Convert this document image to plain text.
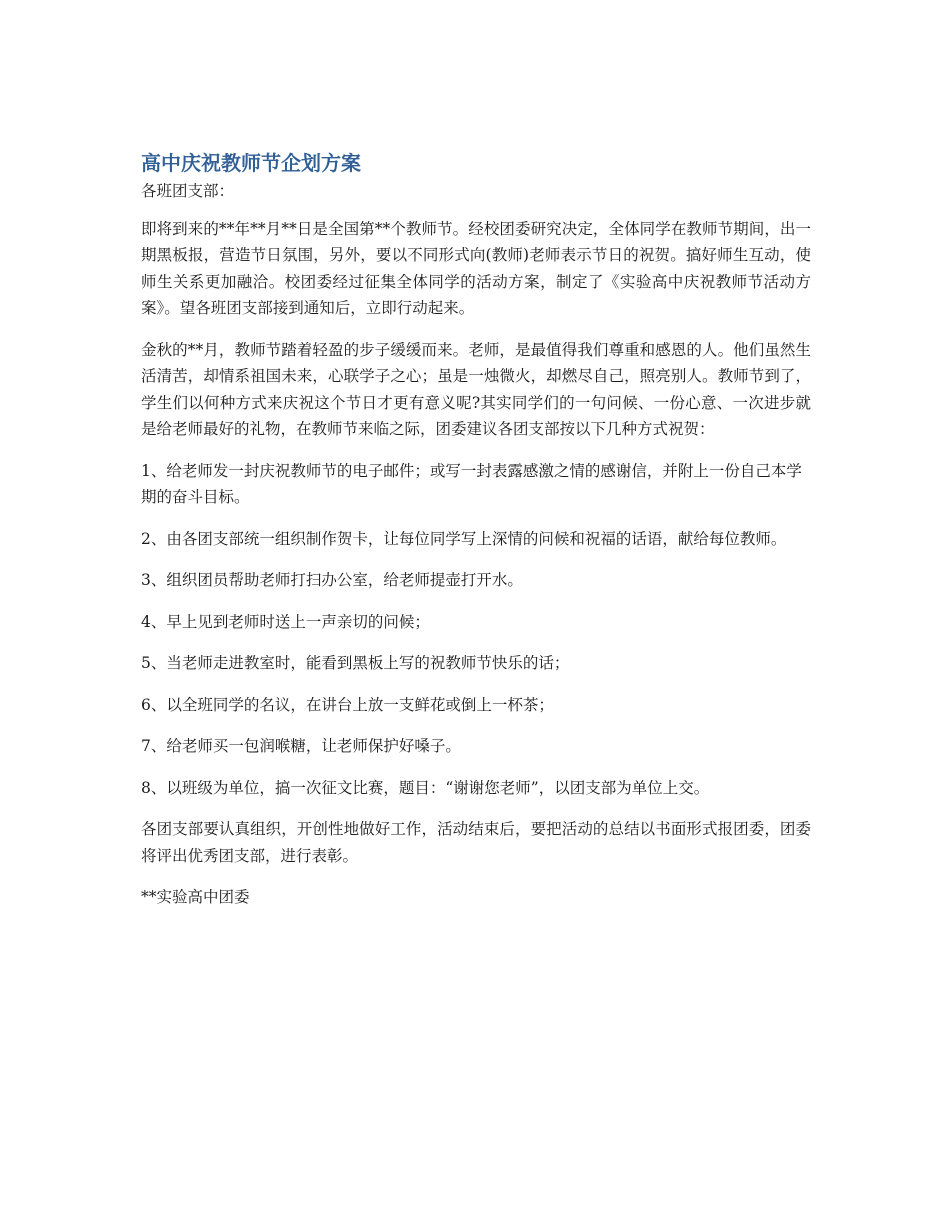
高中庆祝教师节企划方案
各班团支部：

即将到来的**年**月**日是全国第**个教师节。经校团委研究决定，全体同学在教师节期间，出一期黑板报，营造节日氛围，另外，要以不同形式向(教师)老师表示节日的祝贺。搞好师生互动，使师生关系更加融洽。校团委经过征集全体同学的活动方案，制定了《实验高中庆祝教师节活动方案》。望各班团支部接到通知后，立即行动起来。

金秋的**月，教师节踏着轻盈的步子缓缓而来。老师，是最值得我们尊重和感恩的人。他们虽然生活清苦，却情系祖国未来，心联学子之心；虽是一烛微火，却燃尽自己，照亮别人。教师节到了，学生们以何种方式来庆祝这个节日才更有意义呢?其实同学们的一句问候、一份心意、一次进步就是给老师最好的礼物，在教师节来临之际，团委建议各团支部按以下几种方式祝贺：

1、给老师发一封庆祝教师节的电子邮件；或写一封表露感激之情的感谢信，并附上一份自己本学期的奋斗目标。
2、由各团支部统一组织制作贺卡，让每位同学写上深情的问候和祝福的话语，献给每位教师。
3、组织团员帮助老师打扫办公室，给老师提壶打开水。
4、早上见到老师时送上一声亲切的问候；
5、当老师走进教室时，能看到黑板上写的祝教师节快乐的话；
6、以全班同学的名议，在讲台上放一支鲜花或倒上一杯茶；
7、给老师买一包润喉糖，让老师保护好嗓子。
8、以班级为单位，搞一次征文比赛，题目：“谢谢您老师”，以团支部为单位上交。

各团支部要认真组织，开创性地做好工作，活动结束后，要把活动的总结以书面形式报团委，团委将评出优秀团支部，进行表彰。

**实验高中团委
